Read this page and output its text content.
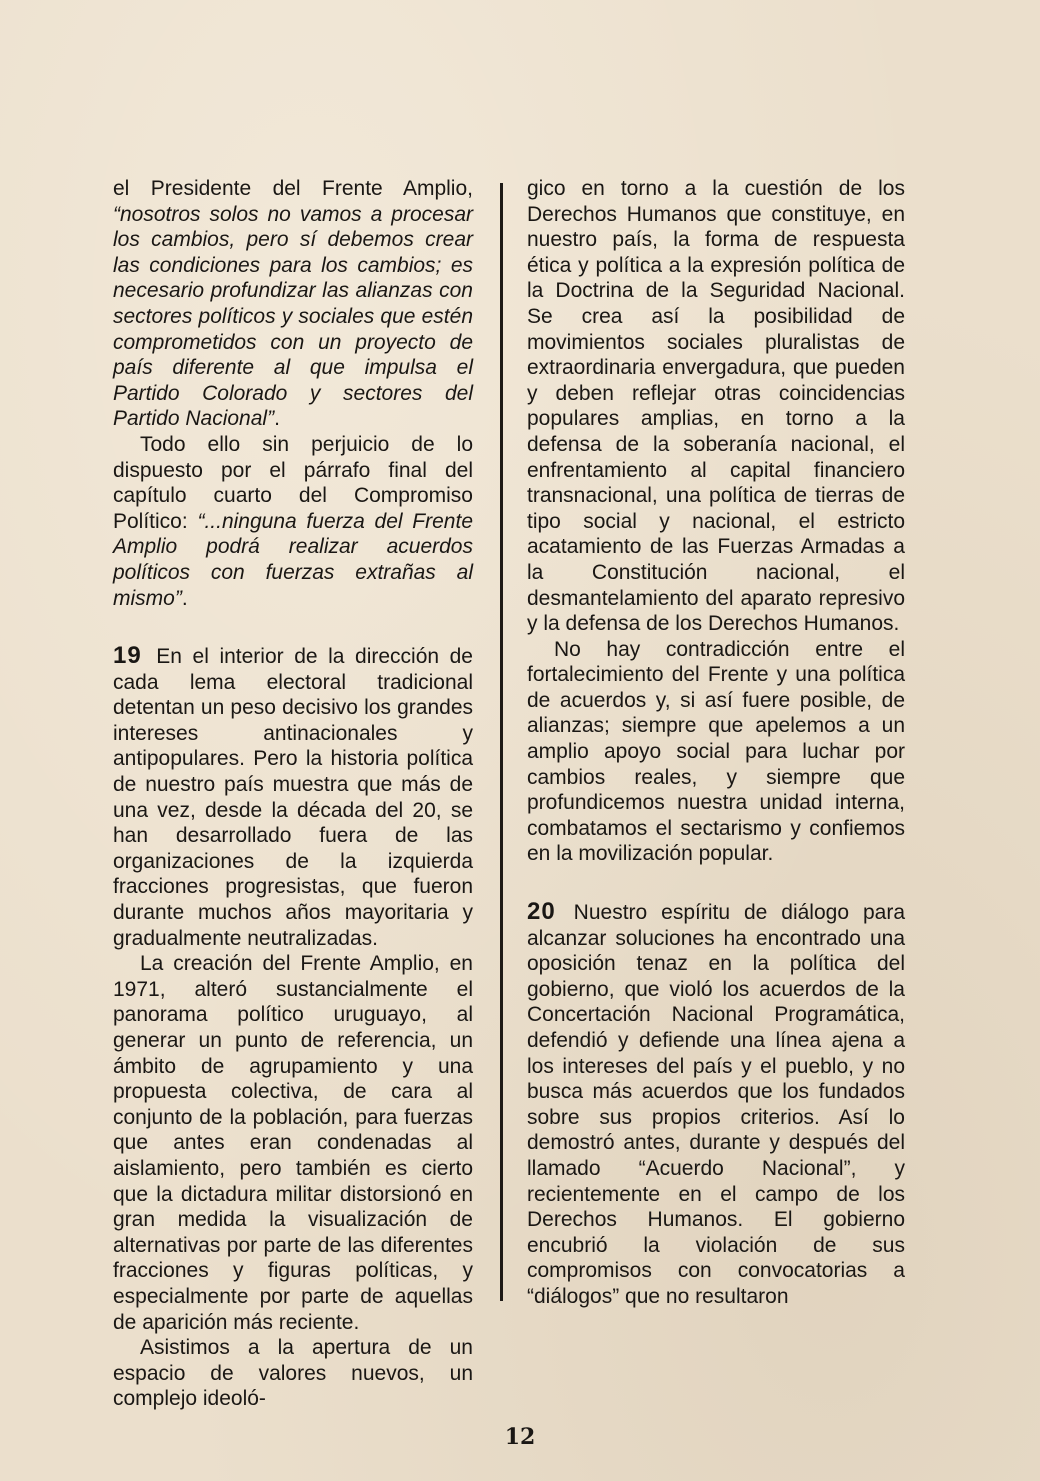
el Presidente del Frente Amplio, “nosotros solos no vamos a procesar los cambios, pero sí debemos crear las condiciones para los cambios; es necesario profundizar las alianzas con sectores políticos y sociales que estén comprometidos con un proyecto de país diferente al que impulsa el Partido Colorado y sectores del Partido Nacional”.

Todo ello sin perjuicio de lo dispuesto por el párrafo final del capítulo cuarto del Compromiso Político: “...ninguna fuerza del Frente Amplio podrá realizar acuerdos políticos con fuerzas extrañas al mismo”.

19 En el interior de la dirección de cada lema electoral tradicional detentan un peso decisivo los grandes intereses antinacionales y antipopulares. Pero la historia política de nuestro país muestra que más de una vez, desde la década del 20, se han desarrollado fuera de las organizaciones de la izquierda fracciones progresistas, que fueron durante muchos años mayoritaria y gradualmente neutralizadas.

La creación del Frente Amplio, en 1971, alteró sustancialmente el panorama político uruguayo, al generar un punto de referencia, un ámbito de agrupamiento y una propuesta colectiva, de cara al conjunto de la población, para fuerzas que antes eran condenadas al aislamiento, pero también es cierto que la dictadura militar distorsionó en gran medida la visualización de alternativas por parte de las diferentes fracciones y figuras políticas, y especialmente por parte de aquellas de aparición más reciente.

Asistimos a la apertura de un espacio de valores nuevos, un complejo ideoló-

gico en torno a la cuestión de los Derechos Humanos que constituye, en nuestro país, la forma de respuesta ética y política a la expresión política de la Doctrina de la Seguridad Nacional. Se crea así la posibilidad de movimientos sociales pluralistas de extraordinaria envergadura, que pueden y deben reflejar otras coincidencias populares amplias, en torno a la defensa de la soberanía nacional, el enfrentamiento al capital financiero transnacional, una política de tierras de tipo social y nacional, el estricto acatamiento de las Fuerzas Armadas a la Constitución nacional, el desmantelamiento del aparato represivo y la defensa de los Derechos Humanos.

No hay contradicción entre el fortalecimiento del Frente y una política de acuerdos y, si así fuere posible, de alianzas; siempre que apelemos a un amplio apoyo social para luchar por cambios reales, y siempre que profundicemos nuestra unidad interna, combatamos el sectarismo y confiemos en la movilización popular.

20 Nuestro espíritu de diálogo para alcanzar soluciones ha encontrado una oposición tenaz en la política del gobierno, que violó los acuerdos de la Concertación Nacional Programática, defendió y defiende una línea ajena a los intereses del país y el pueblo, y no busca más acuerdos que los fundados sobre sus propios criterios. Así lo demostró antes, durante y después del llamado “Acuerdo Nacional”, y recientemente en el campo de los Derechos Humanos. El gobierno encubrió la violación de sus compromisos con convocatorias a “diálogos” que no resultaron

12
